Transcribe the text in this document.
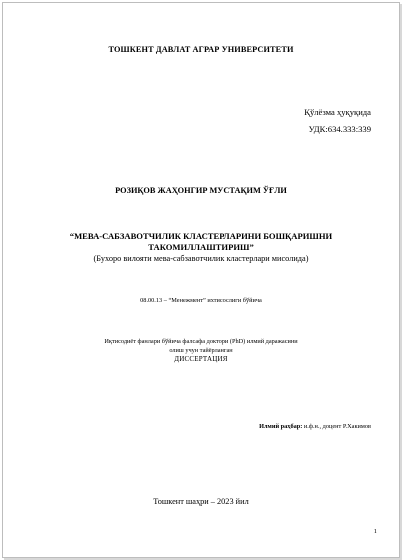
ТОШКЕНТ ДАВЛАТ АГРАР УНИВЕРСИТЕТИ
Қўлёзма ҳуқуқида
УДК:634.333:339
РОЗИҚОВ ЖАҲОНГИР МУСТАҚИМ ЎҒЛИ
“МЕВА-САБЗАВОТЧИЛИК КЛАСТЕРЛАРИНИ БОШҚАРИШНИ
ТАКОМИЛЛАШТИРИШ”
(Бухоро вилояти мева-сабзавотчилик кластерлари мисолида)
08.00.13 – “Менежмент” ихтисослиги бўйича
Иқтисодиёт фанлари бўйича фалсафа доктори (PhD) илмий даражасини
олиш учун тайёрланган
ДИССЕРТАЦИЯ
Илмий раҳбар: и.ф.н., доцент Р.Хакимов
Тошкент шаҳри – 2023 йил
1
